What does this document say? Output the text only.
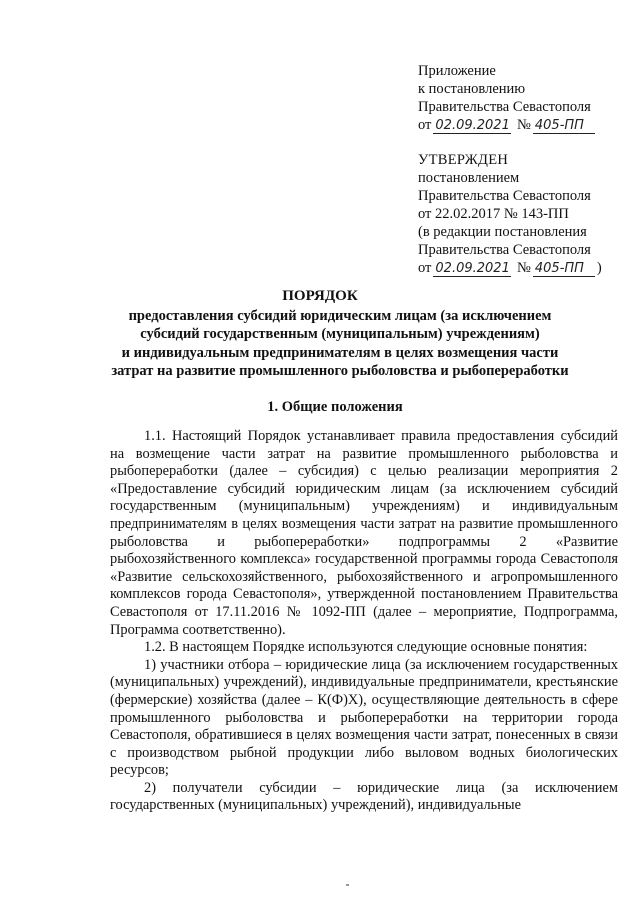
Приложение
к постановлению
Правительства Севастополя
от 02.09.2021 № 405-ПП
УТВЕРЖДЕН
постановлением
Правительства Севастополя
от 22.02.2017 № 143-ПП
(в редакции постановления
Правительства Севастополя
от 02.09.2021 № 405-ПП )
ПОРЯДОК
предоставления субсидий юридическим лицам (за исключением
субсидий государственным (муниципальным) учреждениям)
и индивидуальным предпринимателям в целях возмещения части
затрат на развитие промышленного рыболовства и рыбопереработки
1. Общие положения

1.1. Настоящий Порядок устанавливает правила предоставления субсидий на возмещение части затрат на развитие промышленного рыболовства и рыбопереработки (далее – субсидия) с целью реализации мероприятия 2 «Предоставление субсидий юридическим лицам (за исключением субсидий государственным (муниципальным) учреждениям) и индивидуальным предпринимателям в целях возмещения части затрат на развитие промышленного рыболовства и рыбопереработки» подпрограммы 2 «Развитие рыбохозяйственного комплекса» государственной программы города Севастополя «Развитие сельскохозяйственного, рыбохозяйственного и агропромышленного комплексов города Севастополя», утвержденной постановлением Правительства Севастополя от 17.11.2016 № 1092-ПП (далее – мероприятие, Подпрограмма, Программа соответственно).

1.2. В настоящем Порядке используются следующие основные понятия:

1) участники отбора – юридические лица (за исключением государственных (муниципальных) учреждений), индивидуальные предприниматели, крестьянские (фермерские) хозяйства (далее – К(Ф)Х), осуществляющие деятельность в сфере промышленного рыболовства и рыбопереработки на территории города Севастополя, обратившиеся в целях возмещения части затрат, понесенных в связи с производством рыбной продукции либо выловом водных биологических ресурсов;

2) получатели субсидии – юридические лица (за исключением государственных (муниципальных) учреждений), индивидуальные
